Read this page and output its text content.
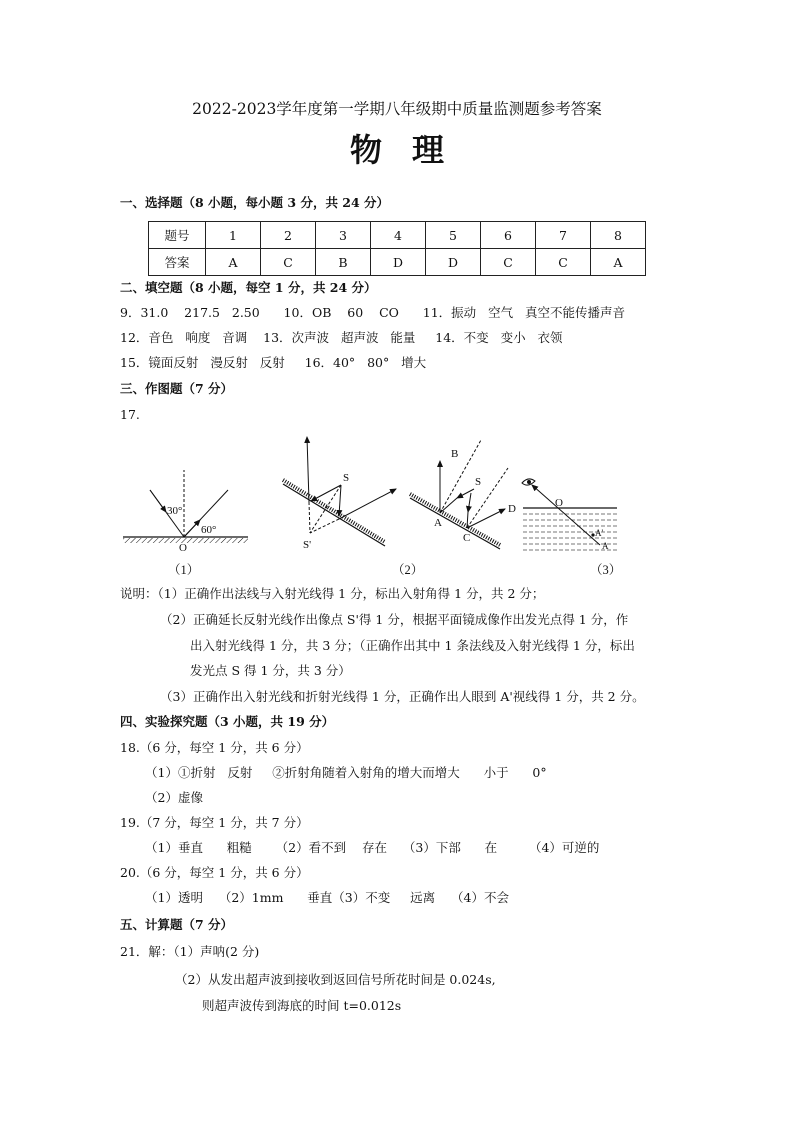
2022-2023学年度第一学期八年级期中质量监测题参考答案
物理
一、选择题（8 小题，每小题 3 分，共 24 分）
题号	1	2	3	4	5	6	7	8
答案	A	C	B	D	D	C	C	A
二、填空题（8 小题，每空 1 分，共 24 分）
9．31.0    217.5   2.50      10．OB    60    CO      11．振动   空气   真空不能传播声音
12．音色   响度   音调    13．次声波   超声波   能量     14．不变   变小   衣领
15．镜面反射   漫反射   反射     16．40°   80°   增大
三、作图题（7 分）
17.
30°
60°
O
S
S'
（2）
B
S
A
C
D	O
A'
A
（3）
（1）
说明：（1）正确作出法线与入射光线得 1 分，标出入射角得 1 分，共 2 分；
（2）正确延长反射光线作出像点 S'得 1 分，根据平面镜成像作出发光点得 1 分，作
出入射光线得 1 分，共 3 分；（正确作出其中 1 条法线及入射光线得 1 分，标出
发光点 S 得 1 分，共 3 分）
（3）正确作出入射光线和折射光线得 1 分，正确作出人眼到 A'视线得 1 分，共 2 分。
四、实验探究题（3 小题，共 19 分）
18.（6 分，每空 1 分，共 6 分）
（1）①折射   反射     ②折射角随着入射角的增大而增大      小于      0°
（2）虚像
19.（7 分，每空 1 分，共 7 分）
（1）垂直      粗糙      （2）看不到    存在    （3）下部      在        （4）可逆的
20.（6 分，每空 1 分，共 6 分）
（1）透明    （2）1mm      垂直（3）不变     远离    （4）不会
五、计算题（7 分）
21．解：（1）声呐(2 分)
（2）从发出超声波到接收到返回信号所花时间是 0.024s,
则超声波传到海底的时间 t=0.012s
